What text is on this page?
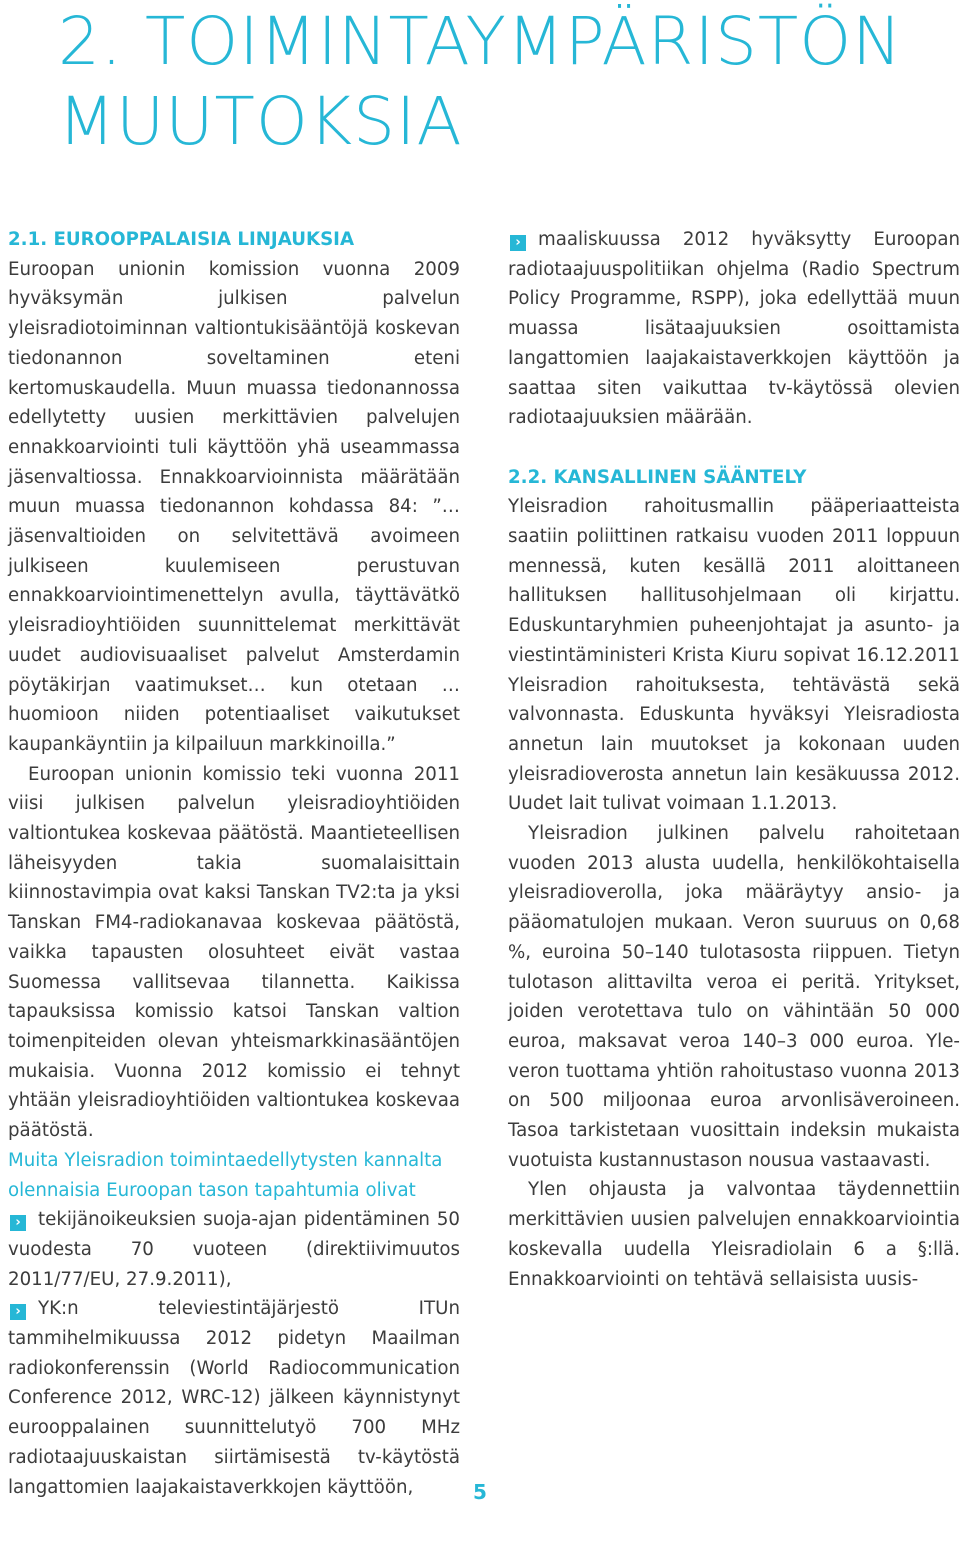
2. TOIMINTAYMPÄRISTÖN
MUUTOKSIA
2.1. EUROOPPALAISIA LINJAUKSIA

Euroopan unionin komission vuonna 2009 hyväksymän julkisen palvelun yleisradiotoiminnan valtiontukisääntöjä koskevan tiedonannon soveltaminen eteni kertomuskaudella. Muun muassa tiedonannossa edellytetty uusien merkittävien palvelujen ennakkoarviointi tuli käyttöön yhä useammassa jäsenvaltiossa. Ennakkoarvioinnista määrätään muun muassa tiedonannon kohdassa 84: ”… jäsenvaltioiden on selvitettävä avoimeen julkiseen kuulemiseen perustuvan ennakkoarviointimenettelyn avulla, täyttävätkö yleisradioyhtiöiden suunnittelemat merkittävät uudet audiovisuaaliset palvelut Amsterdamin pöytäkirjan vaatimukset… kun otetaan … huomioon niiden potentiaaliset vaikutukset kaupankäyntiin ja kilpailuun markkinoilla.”

Euroopan unionin komissio teki vuonna 2011 viisi julkisen palvelun yleisradioyhtiöiden valtiontukea koskevaa päätöstä. Maantieteellisen läheisyyden takia suomalaisittain kiinnostavimpia ovat kaksi Tanskan TV2:ta ja yksi Tanskan FM4-radiokanavaa koskevaa päätöstä, vaikka tapausten olosuhteet eivät vastaa Suomessa vallitsevaa tilannetta. Kaikissa tapauksissa komissio katsoi Tanskan valtion toimenpiteiden olevan yhteismarkkinasääntöjen mukaisia. Vuonna 2012 komissio ei tehnyt yhtään yleisradioyhtiöiden valtiontukea koskevaa päätöstä.

Muita Yleisradion toimintaedellytysten kannalta olennaisia Euroopan tason tapahtumia olivat

› tekijänoikeuksien suoja-ajan pidentäminen 50 vuodesta 70 vuoteen (direktiivimuutos 2011/77/EU, 27.9.2011),

› YK:n televiestintäjärjestö ITUn tammihelmikuussa 2012 pidetyn Maailman radiokonferenssin (World Radiocommunication Conference 2012, WRC-12) jälkeen käynnistynyt eurooppalainen suunnittelutyö 700 MHz radiotaajuuskaistan siirtämisestä tv-käytöstä langattomien laajakaistaverkkojen käyttöön,

› maaliskuussa 2012 hyväksytty Euroopan radiotaajuuspolitiikan ohjelma (Radio Spectrum Policy Programme, RSPP), joka edellyttää muun muassa lisätaajuuksien osoittamista langattomien laajakaistaverkkojen käyttöön ja saattaa siten vaikuttaa tv-käytössä olevien radiotaajuuksien määrään.

2.2. KANSALLINEN SÄÄNTELY

Yleisradion rahoitusmallin pääperiaatteista saatiin poliittinen ratkaisu vuoden 2011 loppuun mennessä, kuten kesällä 2011 aloittaneen hallituksen hallitusohjelmaan oli kirjattu. Eduskuntaryhmien puheenjohtajat ja asunto- ja viestintäministeri Krista Kiuru sopivat 16.12.2011 Yleisradion rahoituksesta, tehtävästä sekä valvonnasta. Eduskunta hyväksyi Yleisradiosta annetun lain muutokset ja kokonaan uuden yleisradioverosta annetun lain kesäkuussa 2012. Uudet lait tulivat voimaan 1.1.2013.

Yleisradion julkinen palvelu rahoitetaan vuoden 2013 alusta uudella, henkilökohtaisella yleisradioverolla, joka määräytyy ansio- ja pääomatulojen mukaan. Veron suuruus on 0,68 %, euroina 50–140 tulotasosta riippuen. Tietyn tulotason alittavilta veroa ei peritä. Yritykset, joiden verotettava tulo on vähintään 50 000 euroa, maksavat veroa 140–3 000 euroa. Yle-veron tuottama yhtiön rahoitustaso vuonna 2013 on 500 miljoonaa euroa arvonlisäveroineen. Tasoa tarkistetaan vuosittain indeksin mukaista vuotuista kustannustason nousua vastaavasti.

Ylen ohjausta ja valvontaa täydennettiin merkittävien uusien palvelujen ennakkoarviointia koskevalla uudella Yleisradiolain 6 a §:llä. Ennakkoarviointi on tehtävä sellaisista uusis-

5
